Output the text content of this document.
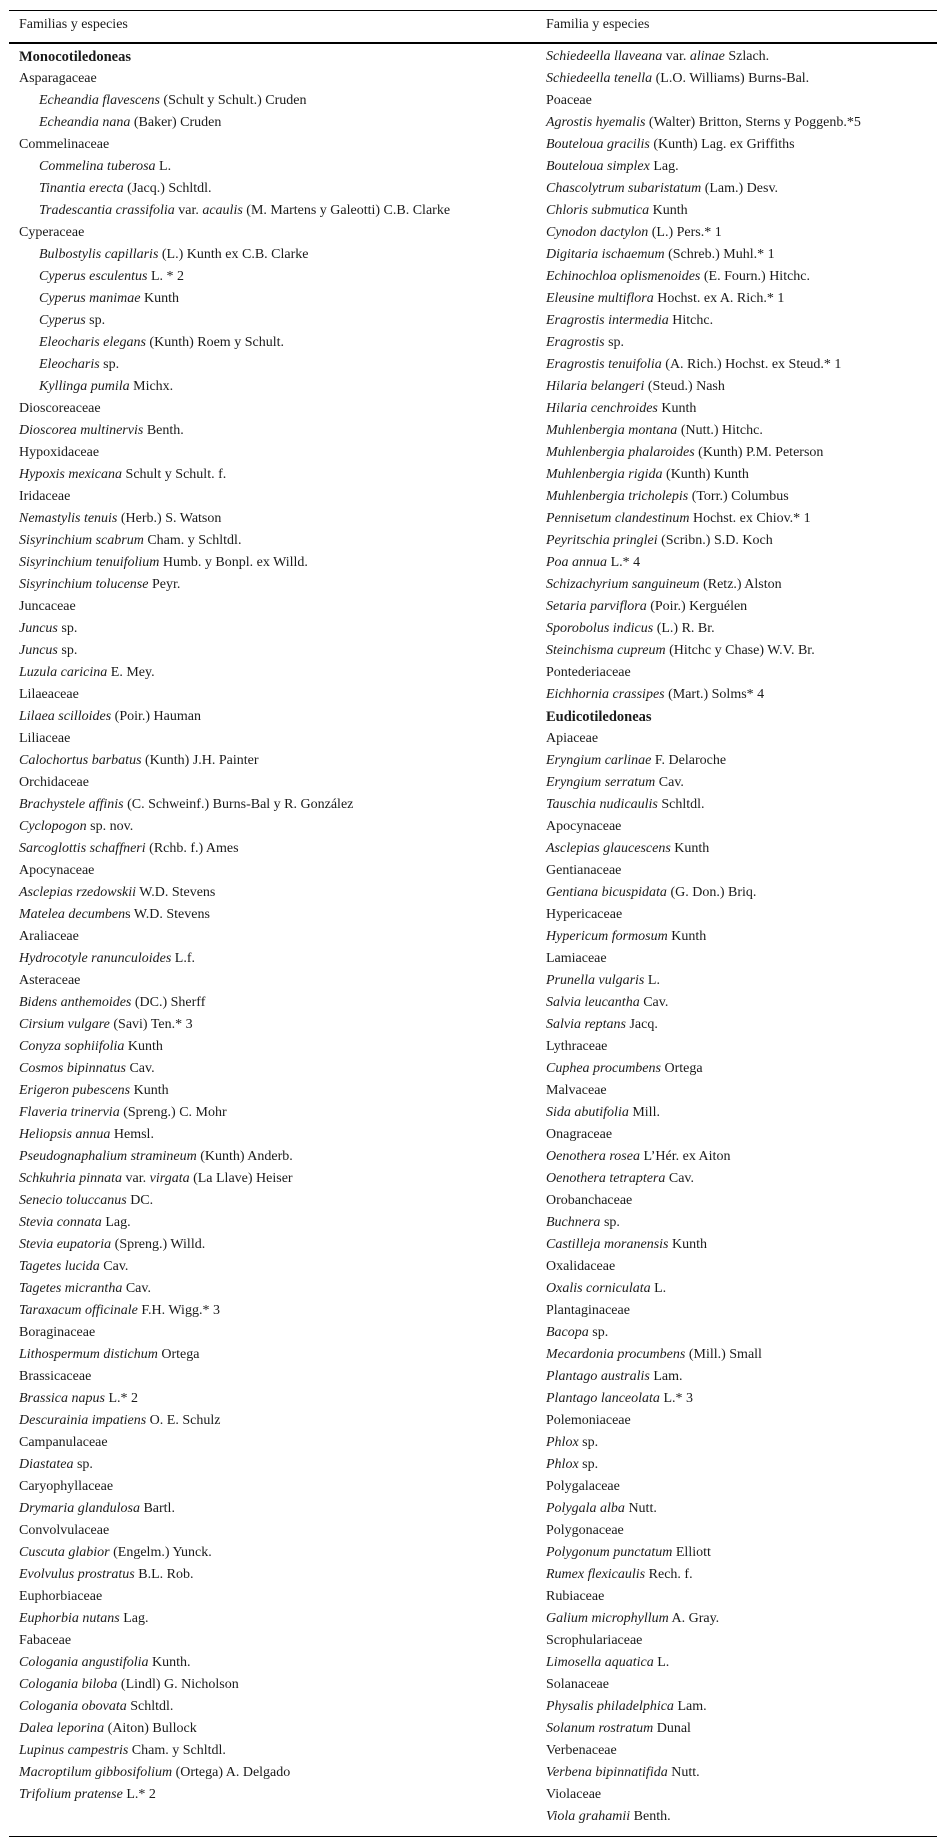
Familias y especies	Familia y especies
Monocotiledoneas
Asparagaceae
Echeandia flavescens (Schult y Schult.) Cruden
Echeandia nana (Baker) Cruden
Commelinaceae
Commelina tuberosa L.
Tinantia erecta (Jacq.) Schltdl.
Tradescantia crassifolia var. acaulis (M. Martens y Galeotti) C.B. Clarke
Cyperaceae
Bulbostylis capillaris (L.) Kunth ex C.B. Clarke
Cyperus esculentus L. * 2
Cyperus manimae Kunth
Cyperus sp.
Eleocharis elegans (Kunth) Roem y Schult.
Eleocharis sp.
Kyllinga pumila Michx.
Dioscoreaceae
Dioscorea multinervis Benth.
Hypoxidaceae
Hypoxis mexicana Schult y Schult. f.
Iridaceae
Nemastylis tenuis (Herb.) S. Watson
Sisyrinchium scabrum Cham. y Schltdl.
Sisyrinchium tenuifolium Humb. y Bonpl. ex Willd.
Sisyrinchium tolucense Peyr.
Juncaceae
Juncus sp.
Juncus sp.
Luzula caricina E. Mey.
Lilaeaceae
Lilaea scilloides (Poir.) Hauman
Liliaceae
Calochortus barbatus (Kunth) J.H. Painter
Orchidaceae
Brachystele affinis (C. Schweinf.) Burns-Bal y R. González
Cyclopogon sp. nov.
Sarcoglottis schaffneri (Rchb. f.) Ames
Apocynaceae
Asclepias rzedowskii W.D. Stevens
Matelea decumbens W.D. Stevens
Araliaceae
Hydrocotyle ranunculoides L.f.
Asteraceae
Bidens anthemoides (DC.) Sherff
Cirsium vulgare (Savi) Ten.* 3
Conyza sophiifolia Kunth
Cosmos bipinnatus Cav.
Erigeron pubescens Kunth
Flaveria trinervia (Spreng.) C. Mohr
Heliopsis annua Hemsl.
Pseudognaphalium stramineum (Kunth) Anderb.
Schkuhria pinnata var. virgata (La Llave) Heiser
Senecio toluccanus DC.
Stevia connata Lag.
Stevia eupatoria (Spreng.) Willd.
Tagetes lucida Cav.
Tagetes micrantha Cav.
Taraxacum officinale F.H. Wigg.* 3
Boraginaceae
Lithospermum distichum Ortega
Brassicaceae
Brassica napus L.* 2
Descurainia impatiens O. E. Schulz
Campanulaceae
Diastatea sp.
Caryophyllaceae
Drymaria glandulosa Bartl.
Convolvulaceae
Cuscuta glabior (Engelm.) Yunck.
Evolvulus prostratus B.L. Rob.
Euphorbiaceae
Euphorbia nutans Lag.
Fabaceae
Cologania angustifolia Kunth.
Cologania biloba (Lindl) G. Nicholson
Cologania obovata Schltdl.
Dalea leporina (Aiton) Bullock
Lupinus campestris Cham. y Schltdl.
Macroptilum gibbosifolium (Ortega) A. Delgado
Trifolium pratense L.* 2
Schiedeella llaveana var. alinae Szlach.
Schiedeella tenella (L.O. Williams) Burns-Bal.
Poaceae
Agrostis hyemalis (Walter) Britton, Sterns y Poggenb.*5
Bouteloua gracilis (Kunth) Lag. ex Griffiths
Bouteloua simplex Lag.
Chascolytrum subaristatum (Lam.) Desv.
Chloris submutica Kunth
Cynodon dactylon (L.) Pers.* 1
Digitaria ischaemum (Schreb.) Muhl.* 1
Echinochloa oplismenoides (E. Fourn.) Hitchc.
Eleusine multiflora Hochst. ex A. Rich.* 1
Eragrostis intermedia Hitchc.
Eragrostis sp.
Eragrostis tenuifolia (A. Rich.) Hochst. ex Steud.* 1
Hilaria belangeri (Steud.) Nash
Hilaria cenchroides Kunth
Muhlenbergia montana (Nutt.) Hitchc.
Muhlenbergia phalaroides (Kunth) P.M. Peterson
Muhlenbergia rigida (Kunth) Kunth
Muhlenbergia tricholepis (Torr.) Columbus
Pennisetum clandestinum Hochst. ex Chiov.* 1
Peyritschia pringlei (Scribn.) S.D. Koch
Poa annua L.* 4
Schizachyrium sanguineum (Retz.) Alston
Setaria parviflora (Poir.) Kerguélen
Sporobolus indicus (L.) R. Br.
Steinchisma cupreum (Hitchc y Chase) W.V. Br.
Pontederiaceae
Eichhornia crassipes (Mart.) Solms* 4
Eudicotiledoneas
Apiaceae
Eryngium carlinae F. Delaroche
Eryngium serratum Cav.
Tauschia nudicaulis Schltdl.
Apocynaceae
Asclepias glaucescens Kunth
Gentianaceae
Gentiana bicuspidata (G. Don.) Briq.
Hypericaceae
Hypericum formosum Kunth
Lamiaceae
Prunella vulgaris L.
Salvia leucantha Cav.
Salvia reptans Jacq.
Lythraceae
Cuphea procumbens Ortega
Malvaceae
Sida abutifolia Mill.
Onagraceae
Oenothera rosea L’Hér. ex Aiton
Oenothera tetraptera Cav.
Orobanchaceae
Buchnera sp.
Castilleja moranensis Kunth
Oxalidaceae
Oxalis corniculata L.
Plantaginaceae
Bacopa sp.
Mecardonia procumbens (Mill.) Small
Plantago australis Lam.
Plantago lanceolata L.* 3
Polemoniaceae
Phlox sp.
Phlox sp.
Polygalaceae
Polygala alba Nutt.
Polygonaceae
Polygonum punctatum Elliott
Rumex flexicaulis Rech. f.
Rubiaceae
Galium microphyllum A. Gray.
Scrophulariaceae
Limosella aquatica L.
Solanaceae
Physalis philadelphica Lam.
Solanum rostratum Dunal
Verbenaceae
Verbena bipinnatifida Nutt.
Violaceae
Viola grahamii Benth.
